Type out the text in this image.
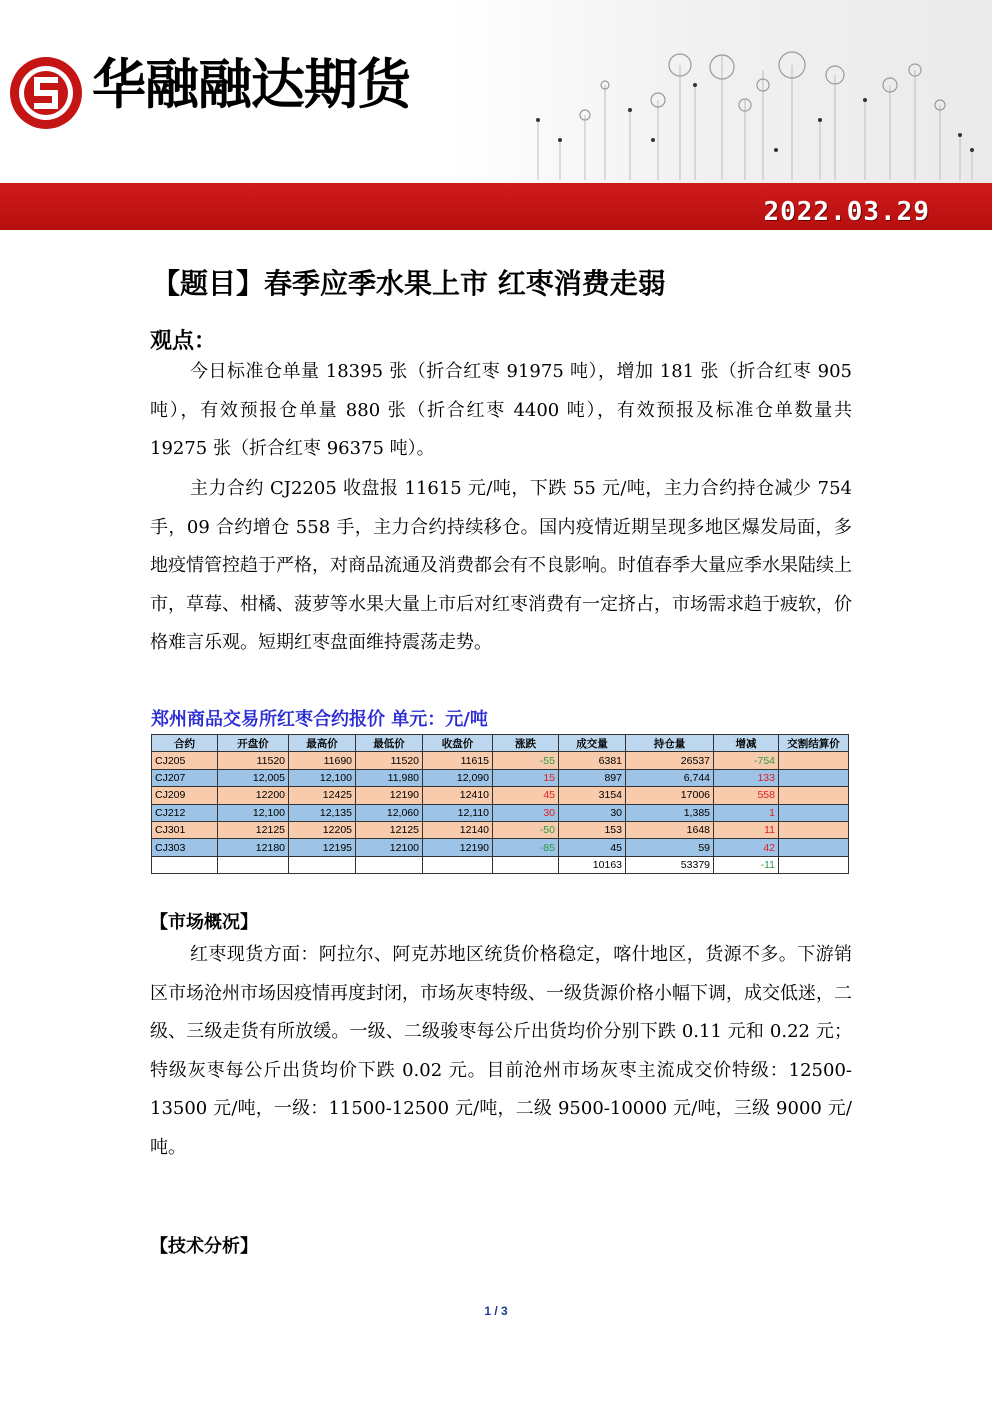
华融融达期货
2022.03.29
【题目】春季应季水果上市 红枣消费走弱
观点：

今日标准仓单量 18395 张（折合红枣 91975 吨），增加 181 张（折合红枣 905 吨），有效预报仓单量 880 张（折合红枣 4400 吨），有效预报及标准仓单数量共 19275 张（折合红枣 96375 吨）。

主力合约 CJ2205 收盘报 11615 元/吨，下跌 55 元/吨，主力合约持仓减少 754 手，09 合约增仓 558 手，主力合约持续移仓。国内疫情近期呈现多地区爆发局面，多地疫情管控趋于严格，对商品流通及消费都会有不良影响。时值春季大量应季水果陆续上市，草莓、柑橘、菠萝等水果大量上市后对红枣消费有一定挤占，市场需求趋于疲软，价格难言乐观。短期红枣盘面维持震荡走势。

郑州商品交易所红枣合约报价 单元：元/吨
合约	开盘价	最高价	最低价	收盘价	涨跌	成交量	持仓量	增减	交割结算价
CJ205	11520	11690	11520	11615	-55	6381	26537	-754	
CJ207	12,005	12,100	11,980	12,090	15	897	6,744	133	
CJ209	12200	12425	12190	12410	45	3154	17006	558	
CJ212	12,100	12,135	12,060	12,110	30	30	1,385	1	
CJ301	12125	12205	12125	12140	-50	153	1648	11	
CJ303	12180	12195	12100	12190	-85	45	59	42	
						10163	53379	-11	
【市场概况】

红枣现货方面：阿拉尔、阿克苏地区统货价格稳定，喀什地区，货源不多。下游销区市场沧州市场因疫情再度封闭，市场灰枣特级、一级货源价格小幅下调，成交低迷，二级、三级走货有所放缓。一级、二级骏枣每公斤出货均价分别下跌 0.11 元和 0.22 元；特级灰枣每公斤出货均价下跌 0.02 元。目前沧州市场灰枣主流成交价特级：12500-13500 元/吨，一级：11500-12500 元/吨，二级 9500-10000 元/吨，三级 9000 元/吨。

【技术分析】
1 / 3
